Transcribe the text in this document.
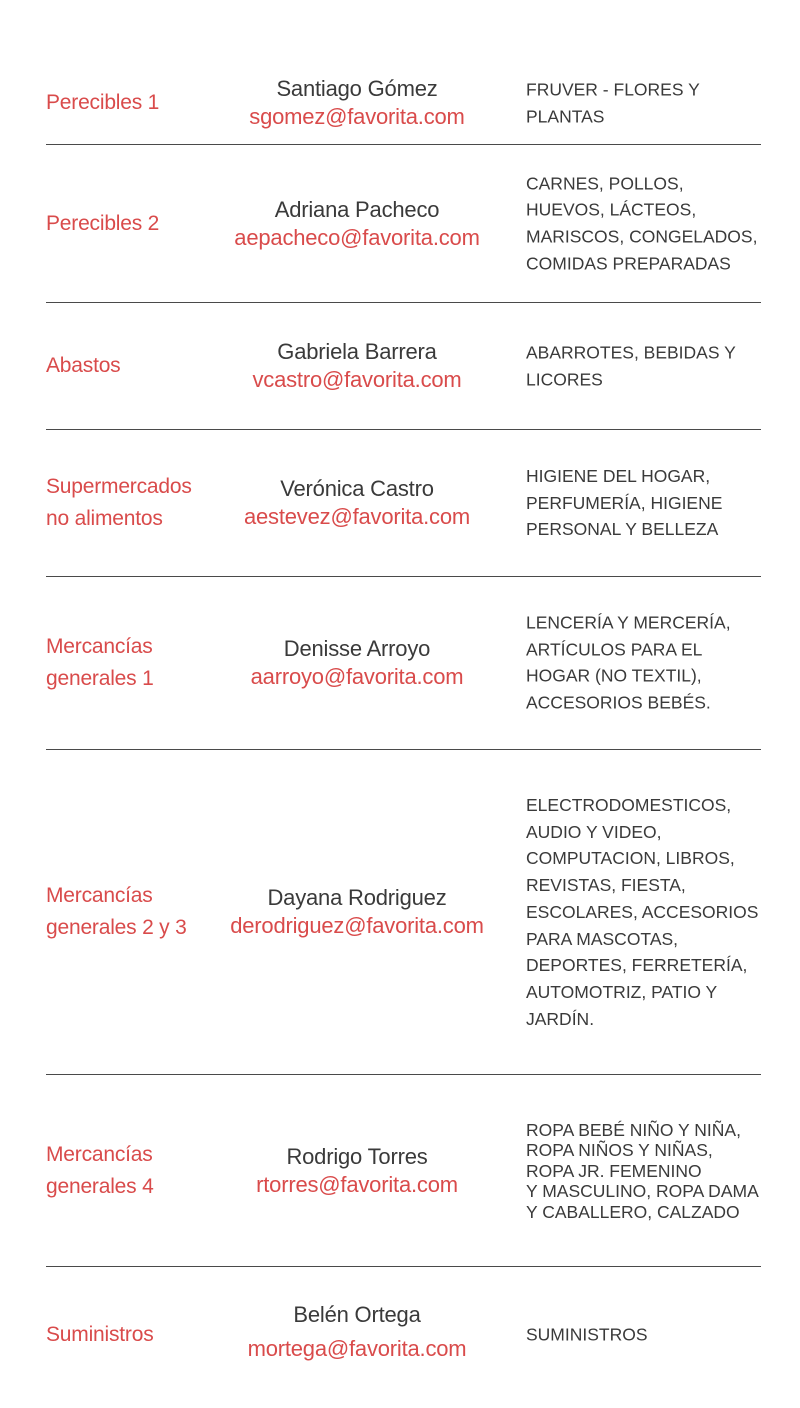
Perecibles 1
Santiago Gómez
sgomez@favorita.com
FRUVER - FLORES Y
PLANTAS
Perecibles 2
Adriana Pacheco
aepacheco@favorita.com
CARNES, POLLOS,
HUEVOS, LÁCTEOS,
MARISCOS, CONGELADOS,
COMIDAS PREPARADAS
Abastos
Gabriela Barrera
vcastro@favorita.com
ABARROTES, BEBIDAS Y
LICORES
Supermercados
no alimentos
Verónica Castro
aestevez@favorita.com
HIGIENE DEL HOGAR,
PERFUMERÍA, HIGIENE
PERSONAL Y BELLEZA
Mercancías
generales 1
Denisse Arroyo
aarroyo@favorita.com
LENCERÍA Y MERCERÍA,
ARTÍCULOS PARA EL
HOGAR (NO TEXTIL),
ACCESORIOS BEBÉS.
Mercancías
generales 2 y 3
Dayana Rodriguez
derodriguez@favorita.com
ELECTRODOMESTICOS,
AUDIO Y VIDEO,
COMPUTACION, LIBROS,
REVISTAS, FIESTA,
ESCOLARES, ACCESORIOS
PARA MASCOTAS,
DEPORTES, FERRETERÍA,
AUTOMOTRIZ, PATIO Y
JARDÍN.
Mercancías
generales 4
Rodrigo Torres
rtorres@favorita.com
ROPA BEBÉ NIÑO Y NIÑA,
ROPA NIÑOS Y NIÑAS,
ROPA JR. FEMENINO
Y MASCULINO, ROPA DAMA
Y CABALLERO, CALZADO
Suministros
Belén Ortega
mortega@favorita.com
SUMINISTROS
